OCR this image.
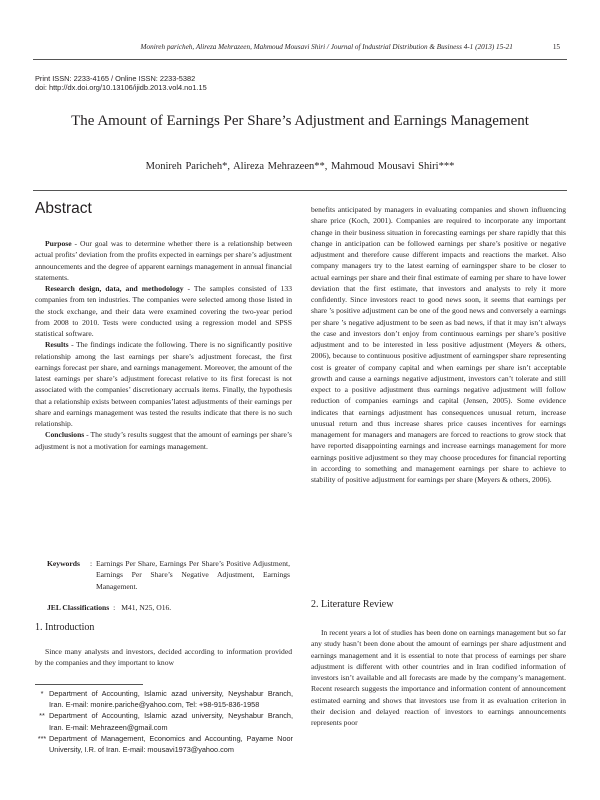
Monireh paricheh, Alireza Mehrazeen, Mahmoud Mousavi Shiri / Journal of Industrial Distribution & Business 4-1 (2013) 15-21	15
Print ISSN: 2233-4165 / Online ISSN: 2233-5382
doi: http://dx.doi.org/10.13106/ijidb.2013.vol4.no1.15
The Amount of Earnings Per Share’s Adjustment and Earnings Management
Monireh Paricheh*, Alireza Mehrazeen**, Mahmoud Mousavi Shiri***
Abstract

Purpose - Our goal was to determine whether there is a relationship between actual profits’ deviation from the profits expected in earnings per share’s adjustment announcements and the degree of apparent earnings management in annual financial statements.

Research design, data, and methodology - The samples consisted of 133 companies from ten industries. The companies were selected among those listed in the stock exchange, and their data were examined covering the two-year period from 2008 to 2010. Tests were conducted using a regression model and SPSS statistical software.

Results - The findings indicate the following. There is no significantly positive relationship among the last earnings per share’s adjustment forecast, the first earnings forecast per share, and earnings management. Moreover, the amount of the latest earnings per share’s adjustment forecast relative to its first forecast is not associated with the companies’ discretionary accruals items. Finally, the hypothesis that a relationship exists between companies’latest adjustments of their earnings per share and earnings management was tested the results indicate that there is no such relationship.

Conclusions - The study’s results suggest that the amount of earnings per share’s adjustment is not a motivation for earnings management.

Keywords	: Earnings Per Share, Earnings Per Share’s Positive Adjustment, Earnings Per Share’s Negative Adjustment, Earnings Management.
JEL Classifications : M41, N25, O16.
1. Introduction

Since many analysts and investors, decided according to information provided by the companies and they important to know

* Department of Accounting, Islamic azad university, Neyshabur Branch, Iran. E-mail: monire.pariche@yahoo.com, Tel: +98-915-836-1958
** Department of Accounting, Islamic azad university, Neyshabur Branch, Iran. E-mail: Mehrazeen@gmail.com
*** Department of Management, Economics and Accounting, Payame Noor University, I.R. of Iran. E-mail: mousavi1973@yahoo.com

benefits anticipated by managers in evaluating companies and shown influencing share price (Koch, 2001). Companies are required to incorporate any important change in their business situation in forecasting earnings per share rapidly that this change in anticipation can be followed earnings per share’s positive or negative adjustment and therefore cause different impacts and reactions the market. Also company managers try to the latest earning of earningsper share to be closer to actual earnings per share and their final estimate of earning per share to have lower deviation that the first estimate, that investors and analysts to rely it more confidently. Since investors react to good news soon, it seems that earnings per share ’s positive adjustment can be one of the good news and conversely a earnings per share ’s negative adjustment to be seen as bad news, if that it may isn’t always the case and investors don’t enjoy from continuous earnings per share’s positive adjustment and to be interested in less positive adjustment (Meyers & others, 2006), because to continuous positive adjustment of earningsper share representing cost is greater of company capital and when earnings per share isn’t acceptable growth and cause a earnings negative adjustment, investors can’t tolerate and still expect to a positive adjustment thus earnings negative adjustment will follow reduction of companies earnings and capital (Jensen, 2005). Some evidence indicates that earnings adjustment has consequences unusual return, increase unusual return and thus increase shares price causes incentives for earnings management for managers and managers are forced to reactions to grow stock that have reported disappointing earnings and increase earnings management for more earnings positive adjustment so they may choose procedures for financial reporting in according to something and management earnings per share to achieve to stability of positive adjustment for earnings per share (Meyers & others, 2006).

2. Literature Review

In recent years a lot of studies has been done on earnings management but so far any study hasn’t been done about the amount of earnings per share adjustment and earnings management and it is essential to note that process of earnings per share adjustment is different with other countries and in Iran codified information of investors isn’t available and all forecasts are made by the company’s management. Recent research suggests the importance and information content of announcement estimated earning and shows that investors use from it as evaluation criterion in their decision and delayed reaction of investors to earnings announcements represents poor
